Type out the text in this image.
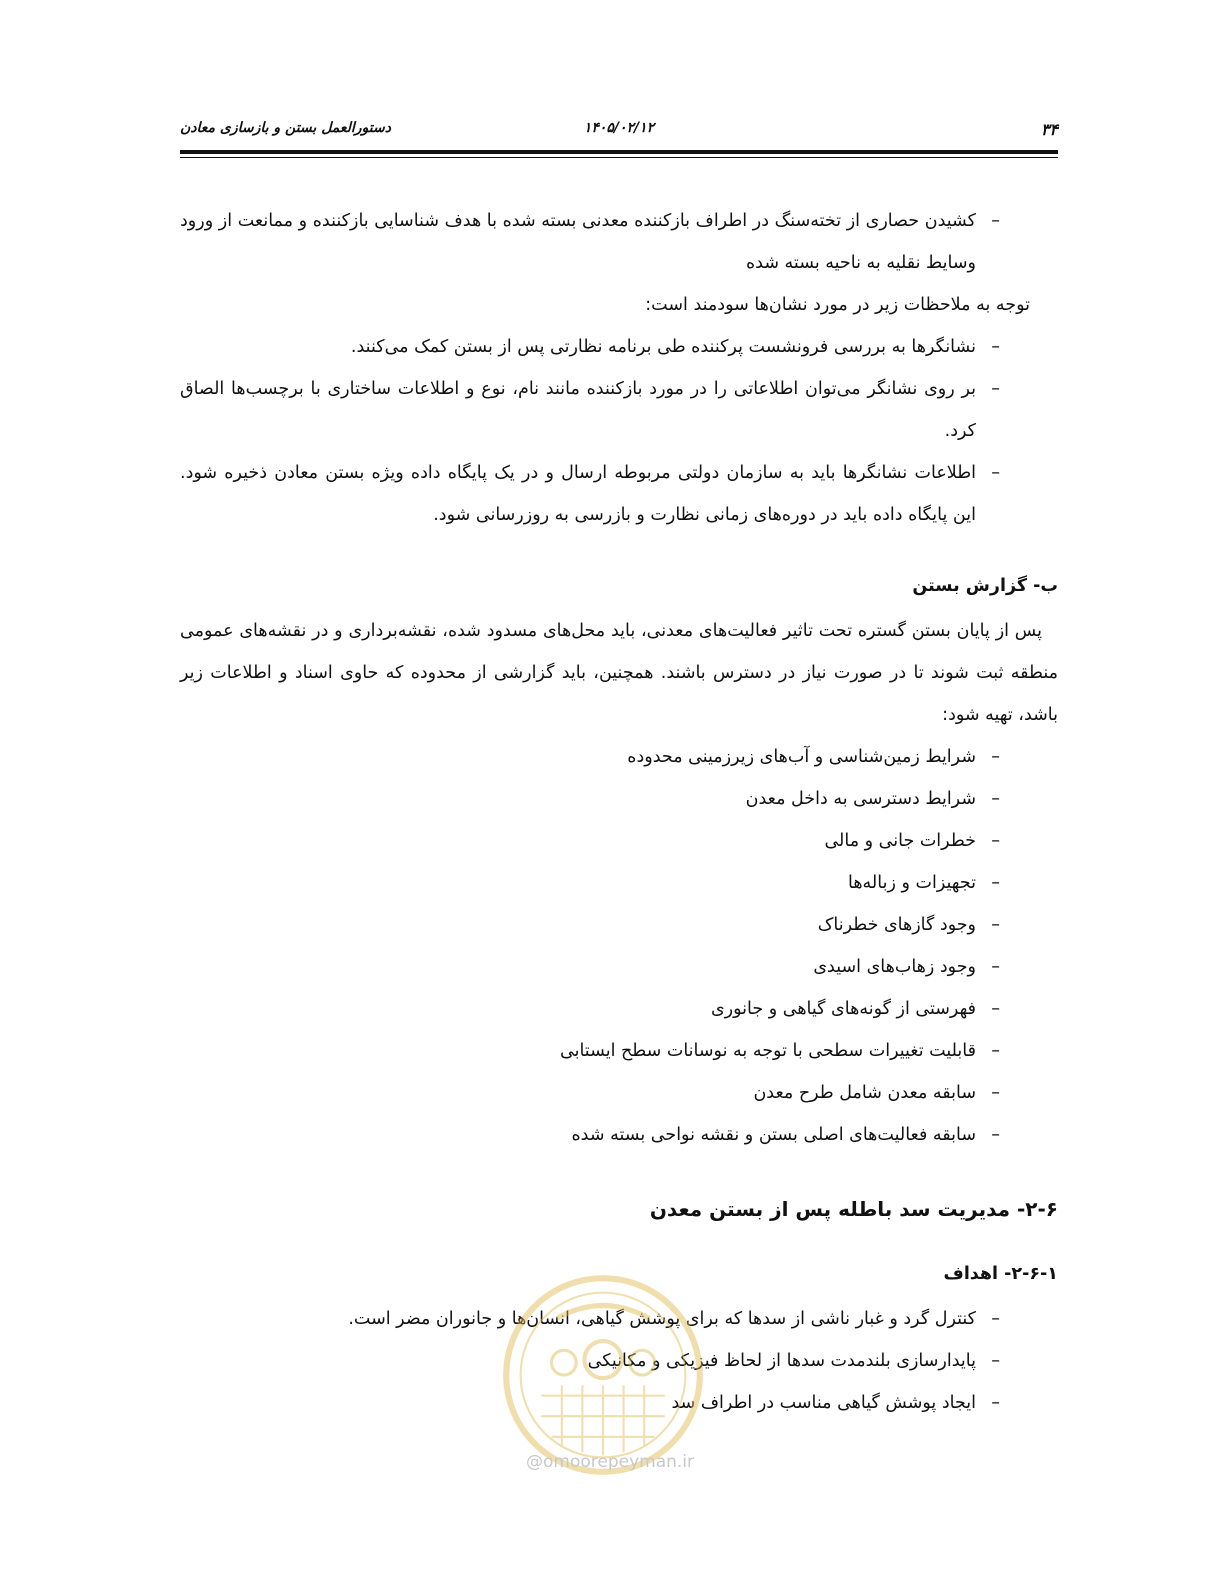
۳۴
۱۴۰۵/۰۲/۱۲
دستورالعمل بستن و بازسازی معادن
–

کشیدن حصاری از تخته‌سنگ در اطراف بازکننده معدنی بسته شده با هدف شناسایی بازکننده و ممانعت از ورود وسایط نقلیه به ناحیه بسته شده

توجه به ملاحظات زیر در مورد نشان‌ها سودمند است:

–

نشانگرها به بررسی فرونشست پرکننده طی برنامه نظارتی پس از بستن کمک می‌کنند.

–

بر روی نشانگر می‌توان اطلاعاتی را در مورد بازکننده مانند نام، نوع و اطلاعات ساختاری با برچسب‌ها الصاق کرد.

–

اطلاعات نشانگرها باید به سازمان دولتی مربوطه ارسال و در یک پایگاه داده ویژه بستن معادن ذخیره شود. این پایگاه داده باید در دوره‌های زمانی نظارت و بازرسی به روزرسانی شود.

ب- گزارش بستن

پس از پایان بستن گستره تحت تاثیر فعالیت‌های معدنی، باید محل‌های مسدود شده، نقشه‌برداری و در نقشه‌های عمومی منطقه ثبت شوند تا در صورت نیاز در دسترس باشند. همچنین، باید گزارشی از محدوده که حاوی اسناد و اطلاعات زیر باشد، تهیه شود:

–

شرایط زمین‌شناسی و آب‌های زیرزمینی محدوده

–

شرایط دسترسی به داخل معدن

–

خطرات جانی و مالی

–

تجهیزات و زباله‌ها

–

وجود گازهای خطرناک

–

وجود زهاب‌های اسیدی

–

فهرستی از گونه‌های گیاهی و جانوری

–

قابلیت تغییرات سطحی با توجه به نوسانات سطح ایستابی

–

سابقه معدن شامل طرح معدن

–

سابقه فعالیت‌های اصلی بستن و نقشه نواحی بسته شده

۲-۶- مدیریت سد باطله پس از بستن معدن
۲-۶-۱- اهداف
–

کنترل گرد و غبار ناشی از سدها که برای پوشش گیاهی، انسان‌ها و جانوران مضر است.

–

پایدارسازی بلندمدت سدها از لحاظ فیزیکی و مکانیکی

–

ایجاد پوشش گیاهی مناسب در اطراف سد

@omoorepeyman.ir
